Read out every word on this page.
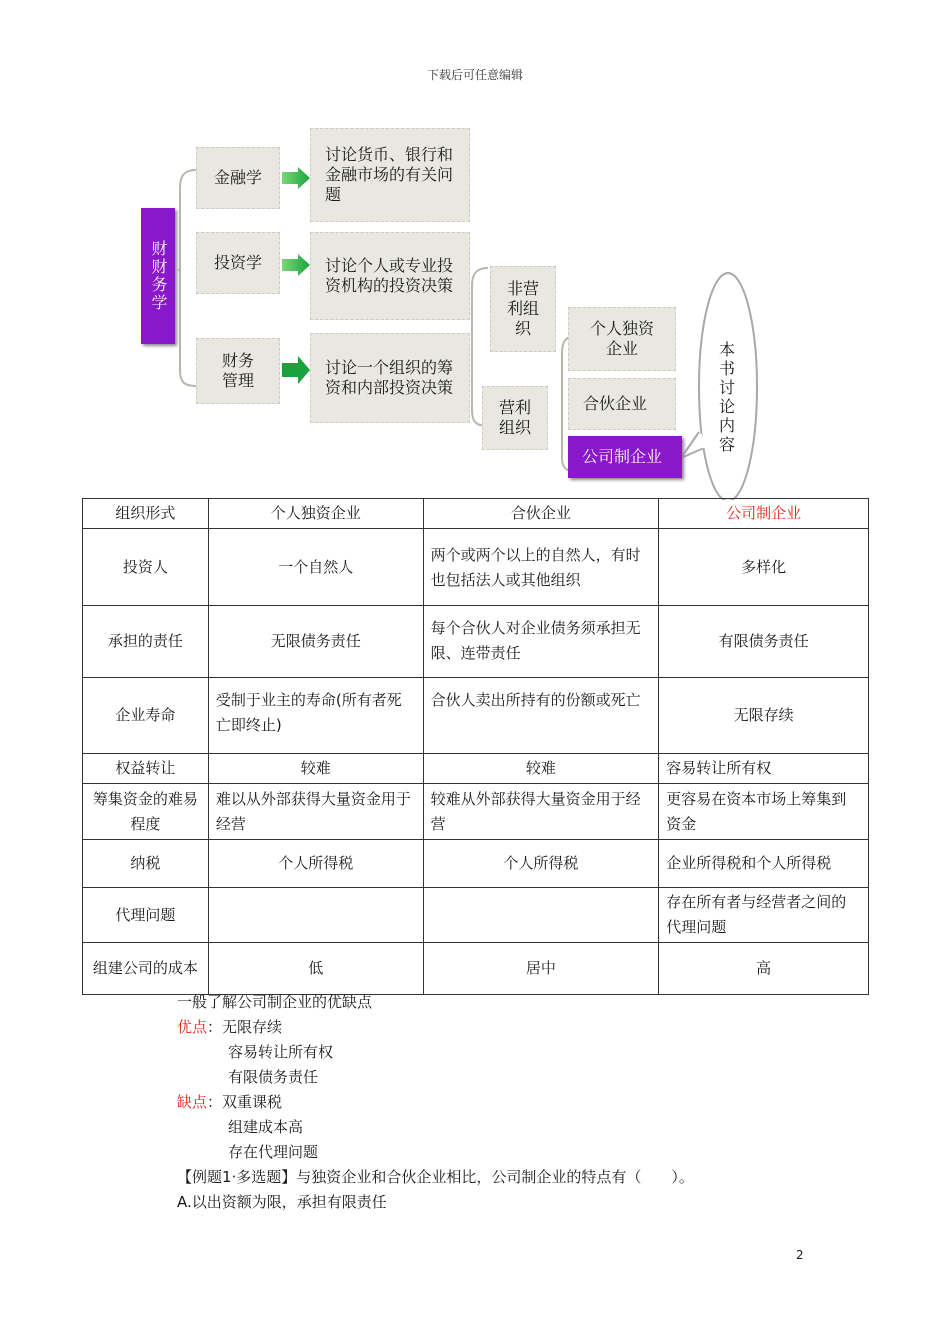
下载后可任意编辑
财财务学
金融学
投资学
财务管理
讨论货币、银行和金融市场的有关问题
讨论个人或专业投资机构的投资决策
讨论一个组织的筹资和内部投资决策
非营利组织
营利组织
个人独资企业
合伙企业
公司制企业
本书讨论内容
组织形式	个人独资企业	合伙企业	公司制企业
投资人	一个自然人	两个或两个以上的自然人，有时也包括法人或其他组织	多样化
承担的责任	无限债务责任	每个合伙人对企业债务须承担无限、连带责任	有限债务责任
企业寿命	受制于业主的寿命(所有者死亡即终止)	合伙人卖出所持有的份额或死亡	无限存续
权益转让	较难	较难	容易转让所有权
筹集资金的难易程度	难以从外部获得大量资金用于经营	较难从外部获得大量资金用于经营	更容易在资本市场上筹集到资金
纳税	个人所得税	个人所得税	企业所得税和个人所得税
代理问题			存在所有者与经营者之间的代理问题
组建公司的成本	低	居中	高
一般了解公司制企业的优缺点
优点：无限存续
容易转让所有权
有限债务责任
缺点：双重课税
组建成本高
存在代理问题
【例题1·多选题】与独资企业和合伙企业相比，公司制企业的特点有（　　）。
A.以出资额为限，承担有限责任
2
